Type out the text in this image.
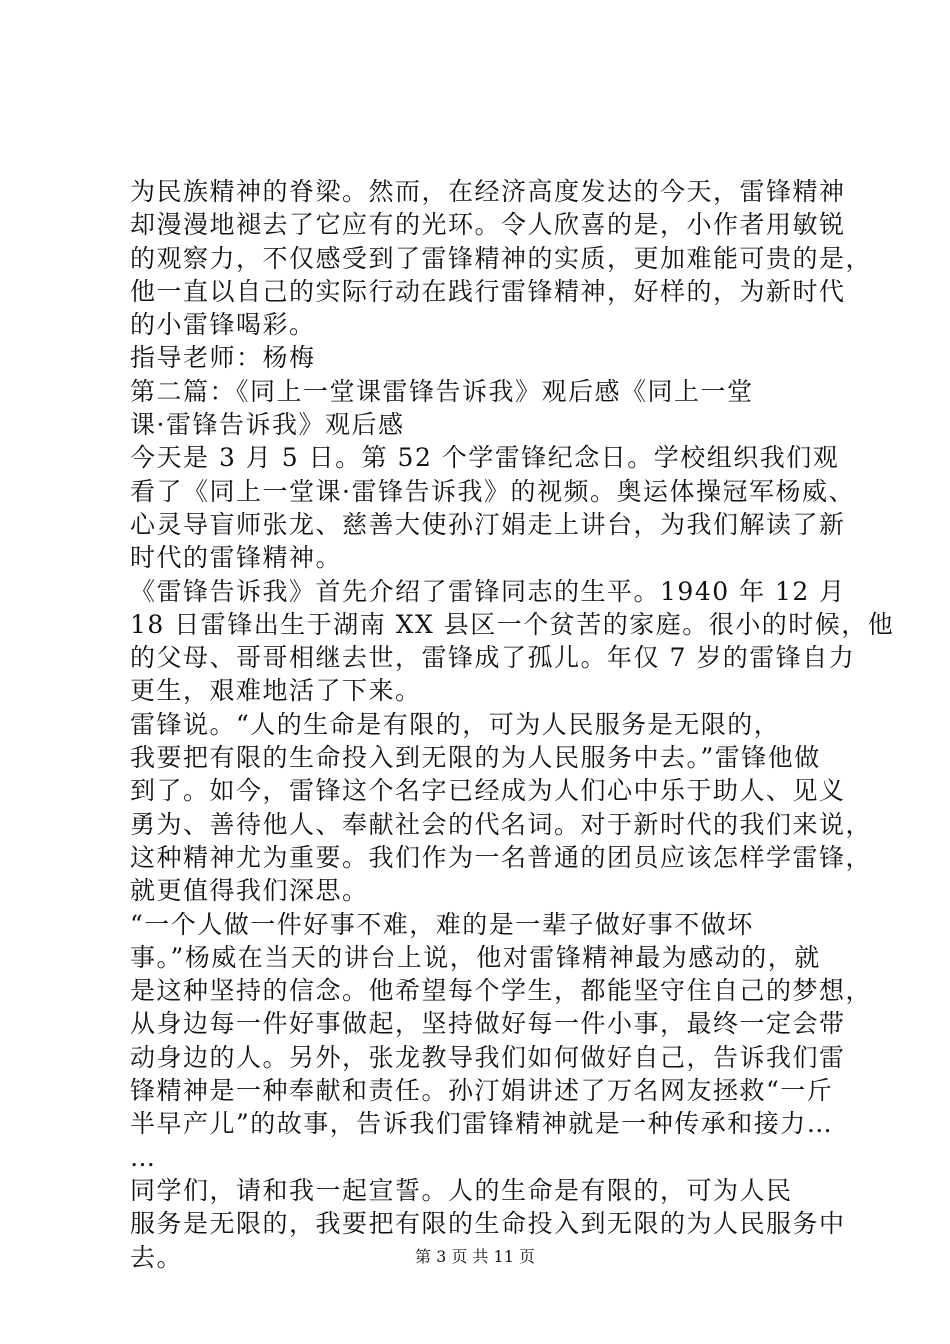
为民族精神的脊梁。然而，在经济高度发达的今天，雷锋精神
却漫漫地褪去了它应有的光环。令人欣喜的是，小作者用敏锐
的观察力，不仅感受到了雷锋精神的实质，更加难能可贵的是，
他一直以自己的实际行动在践行雷锋精神，好样的，为新时代
的小雷锋喝彩。
指导老师：杨梅
第二篇：《同上一堂课雷锋告诉我》观后感《同上一堂
课·雷锋告诉我》观后感
今天是 3 月 5 日。第 52 个学雷锋纪念日。学校组织我们观
看了《同上一堂课·雷锋告诉我》的视频。奥运体操冠军杨威、
心灵导盲师张龙、慈善大使孙汀娟走上讲台，为我们解读了新
时代的雷锋精神。
《雷锋告诉我》首先介绍了雷锋同志的生平。1940 年 12 月
18 日雷锋出生于湖南 XX 县区一个贫苦的家庭。很小的时候，他
的父母、哥哥相继去世，雷锋成了孤儿。年仅 7 岁的雷锋自力
更生，艰难地活了下来。
雷锋说。“人的生命是有限的，可为人民服务是无限的，
我要把有限的生命投入到无限的为人民服务中去。”雷锋他做
到了。如今，雷锋这个名字已经成为人们心中乐于助人、见义
勇为、善待他人、奉献社会的代名词。对于新时代的我们来说，
这种精神尤为重要。我们作为一名普通的团员应该怎样学雷锋，
就更值得我们深思。
“一个人做一件好事不难，难的是一辈子做好事不做坏
事。”杨威在当天的讲台上说，他对雷锋精神最为感动的，就
是这种坚持的信念。他希望每个学生，都能坚守住自己的梦想，
从身边每一件好事做起，坚持做好每一件小事，最终一定会带
动身边的人。另外，张龙教导我们如何做好自己，告诉我们雷
锋精神是一种奉献和责任。孙汀娟讲述了万名网友拯救“一斤
半早产儿”的故事，告诉我们雷锋精神就是一种传承和接力…
…
同学们，请和我一起宣誓。人的生命是有限的，可为人民
服务是无限的，我要把有限的生命投入到无限的为人民服务中
去。	第 3 页 共 11 页
